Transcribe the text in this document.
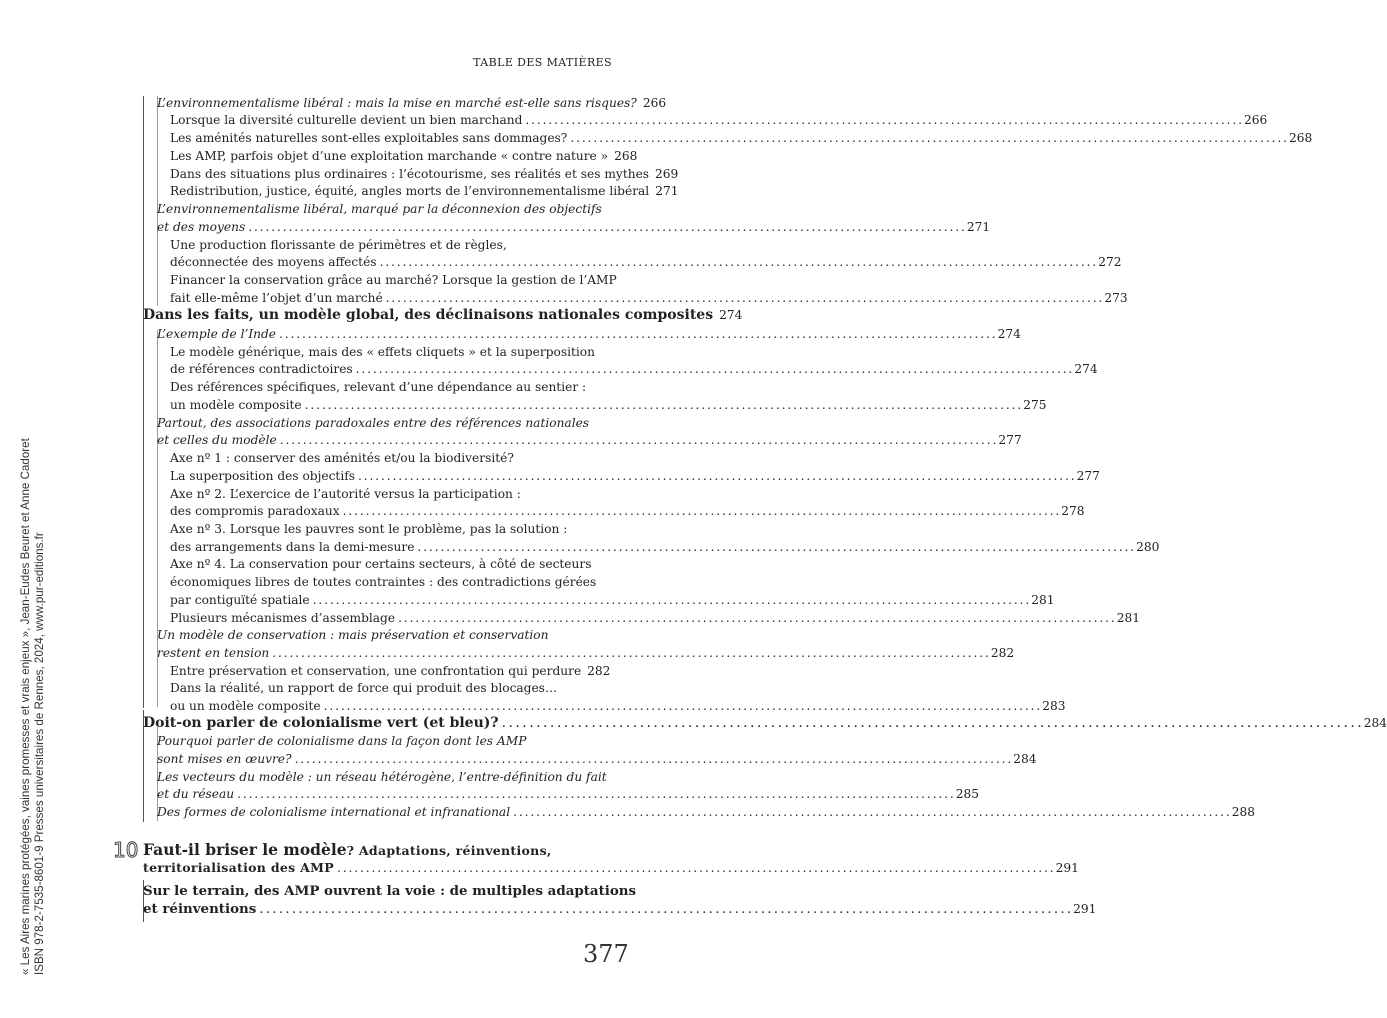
TABLE DES MATIÈRES
L’environnementalisme libéral : mais la mise en marché est-elle sans risques? 266
Lorsque la diversité culturelle devient un bien marchand . . .	266
Les aménités naturelles sont-elles exploitables sans dommages? . . .	268
Les AMP, parfois objet d’une exploitation marchande « contre nature » 268
Dans des situations plus ordinaires : l’écotourisme, ses réalités et ses mythes 269
Redistribution, justice, équité, angles morts de l’environnementalisme libéral 271
L’environnementalisme libéral, marqué par la déconnexion des objectifs
et des moyens . . .	271
Une production florissante de périmètres et de règles,
déconnectée des moyens affectés . . .	272
Financer la conservation grâce au marché? Lorsque la gestion de l’AMP
fait elle-même l’objet d’un marché . . .	273
Dans les faits, un modèle global, des déclinaisons nationales composites 274
L’exemple de l’Inde . . .	274
Le modèle générique, mais des « effets cliquets » et la superposition
de références contradictoires . . .	274
Des références spécifiques, relevant d’une dépendance au sentier :
un modèle composite . . .	275
Partout, des associations paradoxales entre des références nationales
et celles du modèle . . .	277
Axe nº 1 : conserver des aménités et/ou la biodiversité?
La superposition des objectifs . . .	277
Axe nº 2. L’exercice de l’autorité versus la participation :
des compromis paradoxaux . . .	278
Axe nº 3. Lorsque les pauvres sont le problème, pas la solution :
des arrangements dans la demi-mesure . . .	280
Axe nº 4. La conservation pour certains secteurs, à côté de secteurs
économiques libres de toutes contraintes : des contradictions gérées
par contiguïté spatiale . . .	281
Plusieurs mécanismes d’assemblage . . .	281
Un modèle de conservation : mais préservation et conservation
restent en tension . . .	282
Entre préservation et conservation, une confrontation qui perdure 282
Dans la réalité, un rapport de force qui produit des blocages…
ou un modèle composite . . .	283
Doit-on parler de colonialisme vert (et bleu)? . . .	284
Pourquoi parler de colonialisme dans la façon dont les AMP
sont mises en œuvre? . . .	284
Les vecteurs du modèle : un réseau hétérogène, l’entre-définition du fait
et du réseau . . .	285
Des formes de colonialisme international et infranational . . .	288
10 Faut-il briser le modèle? Adaptations, réinventions,
territorialisation des AMP . . .	291
Sur le terrain, des AMP ouvrent la voie : de multiples adaptations
et réinventions . . .	291
377
« Les Aires marines protégées, vaines promesses et vrais enjeux », Jean-Eudes Beuret et Anne Cadoret ISBN 978-2-7535-8601-9 Presses universitaires de Rennes, 2024, www.pur-editions.fr
